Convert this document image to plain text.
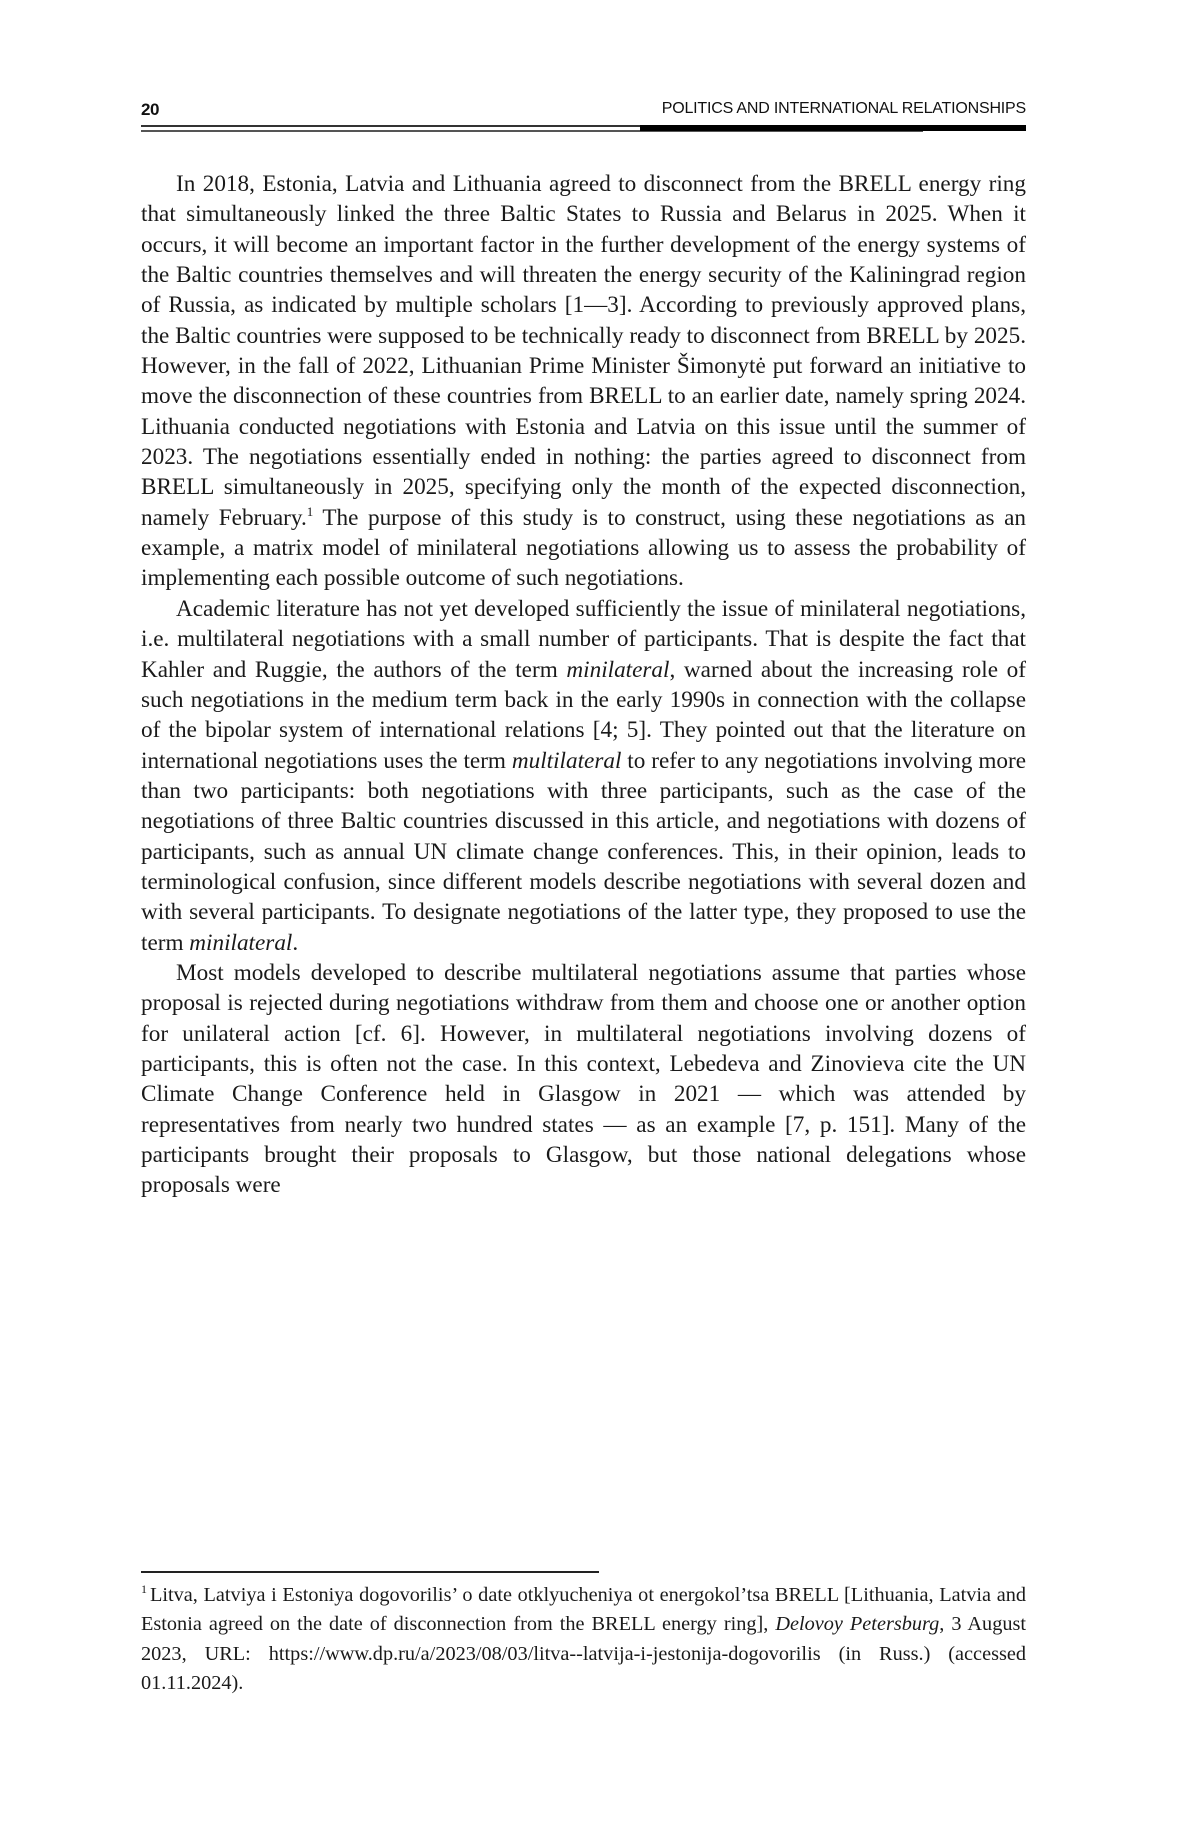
20	POLITICS AND INTERNATIONAL RELATIONSHIPS

In 2018, Estonia, Latvia and Lithuania agreed to disconnect from the BRELL energy ring that simultaneously linked the three Baltic States to Russia and Belarus in 2025. When it occurs, it will become an important factor in the further development of the energy systems of the Baltic countries themselves and will threaten the energy security of the Kaliningrad region of Russia, as indicated by multiple scholars [1—3]. According to previously approved plans, the Baltic countries were supposed to be technically ready to disconnect from BRELL by 2025. However, in the fall of 2022, Lithuanian Prime Minister Šimonytė put forward an initiative to move the disconnection of these countries from BRELL to an earlier date, namely spring 2024. Lithuania conducted negotiations with Estonia and Latvia on this issue until the summer of 2023. The negotiations essentially ended in nothing: the parties agreed to disconnect from BRELL simultaneously in 2025, specifying only the month of the expected disconnection, namely February.$^1$ The purpose of this study is to construct, using these negotiations as an example, a matrix model of minilateral negotiations allowing us to assess the probability of implementing each possible outcome of such negotiations.

Academic literature has not yet developed sufficiently the issue of minilateral negotiations, i.e. multilateral negotiations with a small number of participants. That is despite the fact that Kahler and Ruggie, the authors of the term minilateral, warned about the increasing role of such negotiations in the medium term back in the early 1990s in connection with the collapse of the bipolar system of international relations [4; 5]. They pointed out that the literature on international negotiations uses the term multilateral to refer to any negotiations involving more than two participants: both negotiations with three participants, such as the case of the negotiations of three Baltic countries discussed in this article, and negotiations with dozens of participants, such as annual UN climate change conferences. This, in their opinion, leads to terminological confusion, since different models describe negotiations with several dozen and with several participants. To designate negotiations of the latter type, they proposed to use the term minilateral.

Most models developed to describe multilateral negotiations assume that parties whose proposal is rejected during negotiations withdraw from them and choose one or another option for unilateral action [cf. 6]. However, in multilateral negotiations involving dozens of participants, this is often not the case. In this context, Lebedeva and Zinovieva cite the UN Climate Change Conference held in Glasgow in 2021 — which was attended by representatives from nearly two hundred states — as an example [7, p. 151]. Many of the participants brought their proposals to Glasgow, but those national delegations whose proposals were

$^1$ Litva, Latviya i Estoniya dogovorilis’ o date otklyucheniya ot energokol’tsa BRELL [Lithuania, Latvia and Estonia agreed on the date of disconnection from the BRELL energy ring], Delovoy Petersburg, 3 August 2023, URL: https://www.dp.ru/a/2023/08/03/litva--latvija-i-jestonija-dogovorilis (in Russ.) (accessed 01.11.2024).
